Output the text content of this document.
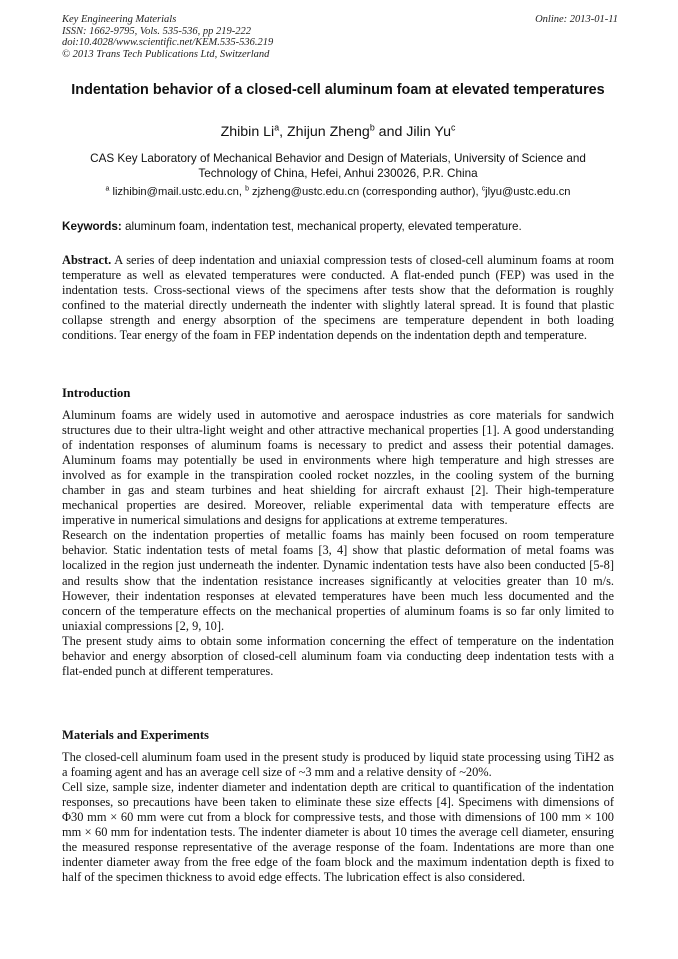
Key Engineering Materials
ISSN: 1662-9795, Vols. 535-536, pp 219-222
doi:10.4028/www.scientific.net/KEM.535-536.219
© 2013 Trans Tech Publications Ltd, Switzerland
Online: 2013-01-11
Indentation behavior of a closed-cell aluminum foam at elevated temperatures
Zhibin Li$^a$, Zhijun Zheng$^b$ and Jilin Yu$^c$
CAS Key Laboratory of Mechanical Behavior and Design of Materials, University of Science and Technology of China, Hefei, Anhui 230026, P.R. China
$^a$ lizhibin@mail.ustc.edu.cn, $^b$ zjzheng@ustc.edu.cn (corresponding author), $^c$jlyu@ustc.edu.cn
Keywords: aluminum foam, indentation test, mechanical property, elevated temperature.

Abstract. A series of deep indentation and uniaxial compression tests of closed-cell aluminum foams at room temperature as well as elevated temperatures were conducted. A flat-ended punch (FEP) was used in the indentation tests. Cross-sectional views of the specimens after tests show that the deformation is roughly confined to the material directly underneath the indenter with slightly lateral spread. It is found that plastic collapse strength and energy absorption of the specimens are temperature dependent in both loading conditions. Tear energy of the foam in FEP indentation depends on the indentation depth and temperature.

Introduction

Aluminum foams are widely used in automotive and aerospace industries as core materials for sandwich structures due to their ultra-light weight and other attractive mechanical properties [1]. A good understanding of indentation responses of aluminum foams is necessary to predict and assess their potential damages. Aluminum foams may potentially be used in environments where high temperature and high stresses are involved as for example in the transpiration cooled rocket nozzles, in the cooling system of the burning chamber in gas and steam turbines and heat shielding for aircraft exhaust [2]. Their high-temperature mechanical properties are desired. Moreover, reliable experimental data with temperature effects are imperative in numerical simulations and designs for applications at extreme temperatures.

Research on the indentation properties of metallic foams has mainly been focused on room temperature behavior. Static indentation tests of metal foams [3, 4] show that plastic deformation of metal foams was localized in the region just underneath the indenter. Dynamic indentation tests have also been conducted [5-8] and results show that the indentation resistance increases significantly at velocities greater than 10 m/s. However, their indentation responses at elevated temperatures have been much less documented and the concern of the temperature effects on the mechanical properties of aluminum foams is so far only limited to uniaxial compressions [2, 9, 10].

The present study aims to obtain some information concerning the effect of temperature on the indentation behavior and energy absorption of closed-cell aluminum foam via conducting deep indentation tests with a flat-ended punch at different temperatures.

Materials and Experiments

The closed-cell aluminum foam used in the present study is produced by liquid state processing using TiH2 as a foaming agent and has an average cell size of ~3 mm and a relative density of ~20%.

Cell size, sample size, indenter diameter and indentation depth are critical to quantification of the indentation responses, so precautions have been taken to eliminate these size effects [4]. Specimens with dimensions of Φ30 mm × 60 mm were cut from a block for compressive tests, and those with dimensions of 100 mm × 100 mm × 60 mm for indentation tests. The indenter diameter is about 10 times the average cell diameter, ensuring the measured response representative of the average response of the foam. Indentations are more than one indenter diameter away from the free edge of the foam block and the maximum indentation depth is fixed to half of the specimen thickness to avoid edge effects. The lubrication effect is also considered.
